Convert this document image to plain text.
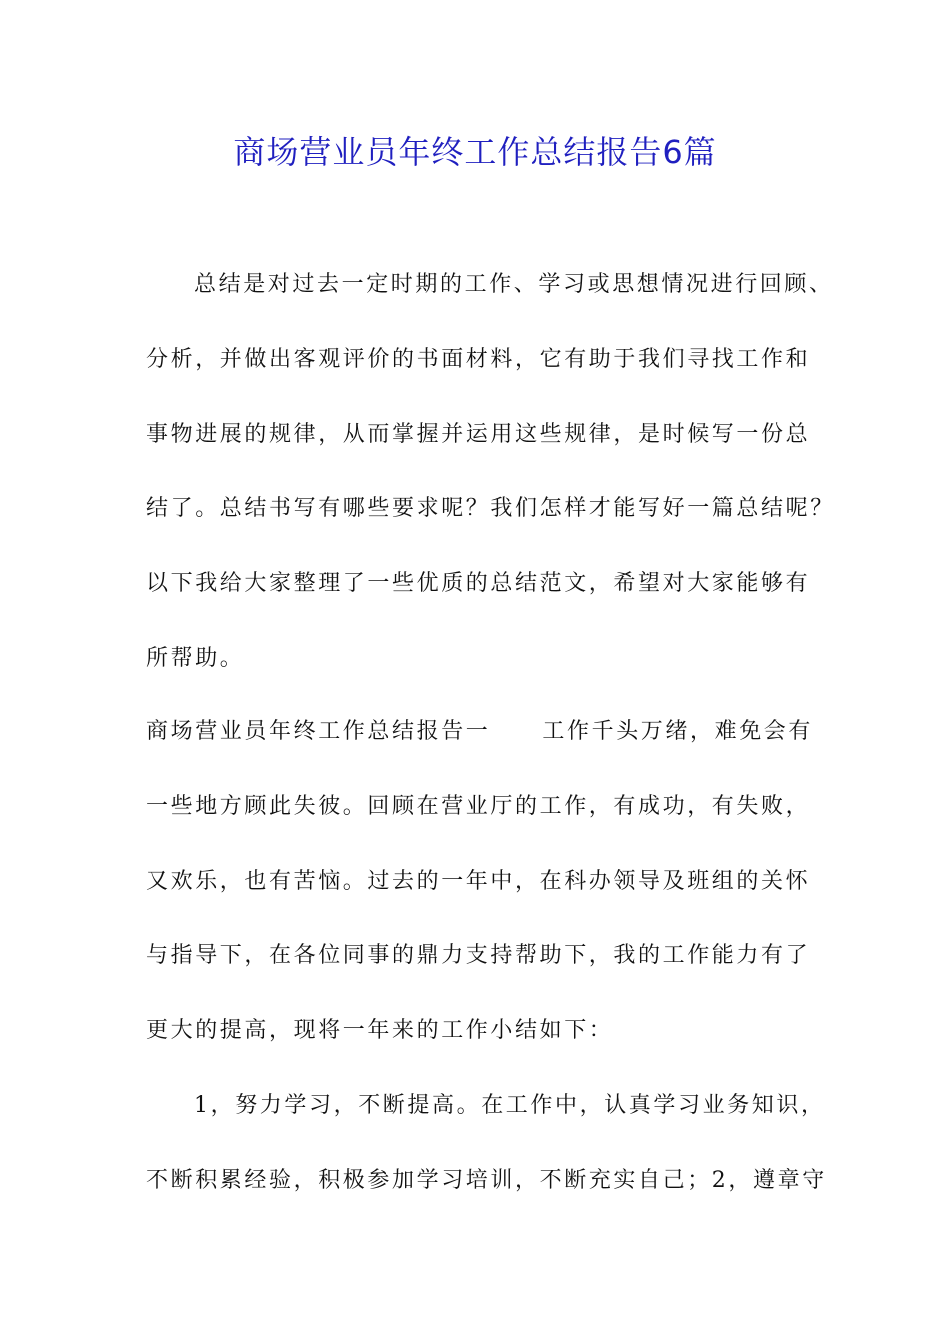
商场营业员年终工作总结报告6篇
总结是对过去一定时期的工作、学习或思想情况进行回顾、
分析，并做出客观评价的书面材料，它有助于我们寻找工作和
事物进展的规律，从而掌握并运用这些规律，是时候写一份总
结了。总结书写有哪些要求呢？我们怎样才能写好一篇总结呢？
以下我给大家整理了一些优质的总结范文，希望对大家能够有
所帮助。
商场营业员年终工作总结报告一 工作千头万绪，难免会有
一些地方顾此失彼。回顾在营业厅的工作，有成功，有失败，
又欢乐，也有苦恼。过去的一年中，在科办领导及班组的关怀
与指导下，在各位同事的鼎力支持帮助下，我的工作能力有了
更大的提高，现将一年来的工作小结如下：
1，努力学习，不断提高。在工作中，认真学习业务知识，
不断积累经验，积极参加学习培训，不断充实自己；2，遵章守
